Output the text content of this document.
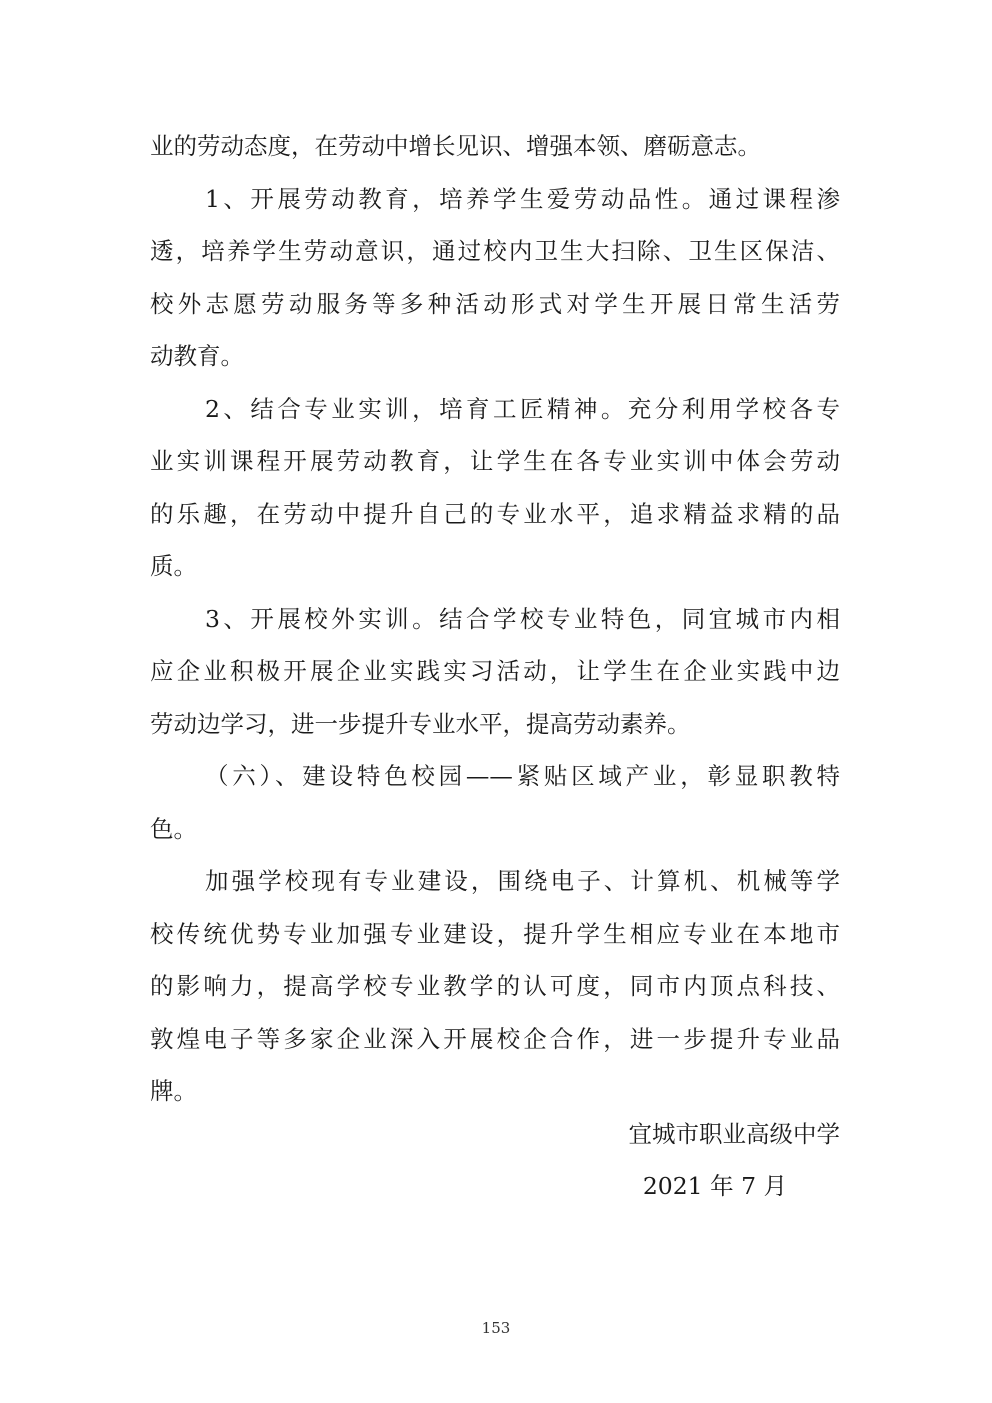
业的劳动态度，在劳动中增长见识、增强本领、磨砺意志。
1、开展劳动教育，培养学生爱劳动品性。通过课程渗
透，培养学生劳动意识，通过校内卫生大扫除、卫生区保洁、
校外志愿劳动服务等多种活动形式对学生开展日常生活劳
动教育。
2、结合专业实训，培育工匠精神。充分利用学校各专
业实训课程开展劳动教育，让学生在各专业实训中体会劳动
的乐趣，在劳动中提升自己的专业水平，追求精益求精的品
质。
3、开展校外实训。结合学校专业特色，同宜城市内相
应企业积极开展企业实践实习活动，让学生在企业实践中边
劳动边学习，进一步提升专业水平，提高劳动素养。
（六）、建设特色校园——紧贴区域产业，彰显职教特
色。
加强学校现有专业建设，围绕电子、计算机、机械等学
校传统优势专业加强专业建设，提升学生相应专业在本地市
的影响力，提高学校专业教学的认可度，同市内顶点科技、
敦煌电子等多家企业深入开展校企合作，进一步提升专业品
牌。
宜城市职业高级中学
2021 年 7 月
153
